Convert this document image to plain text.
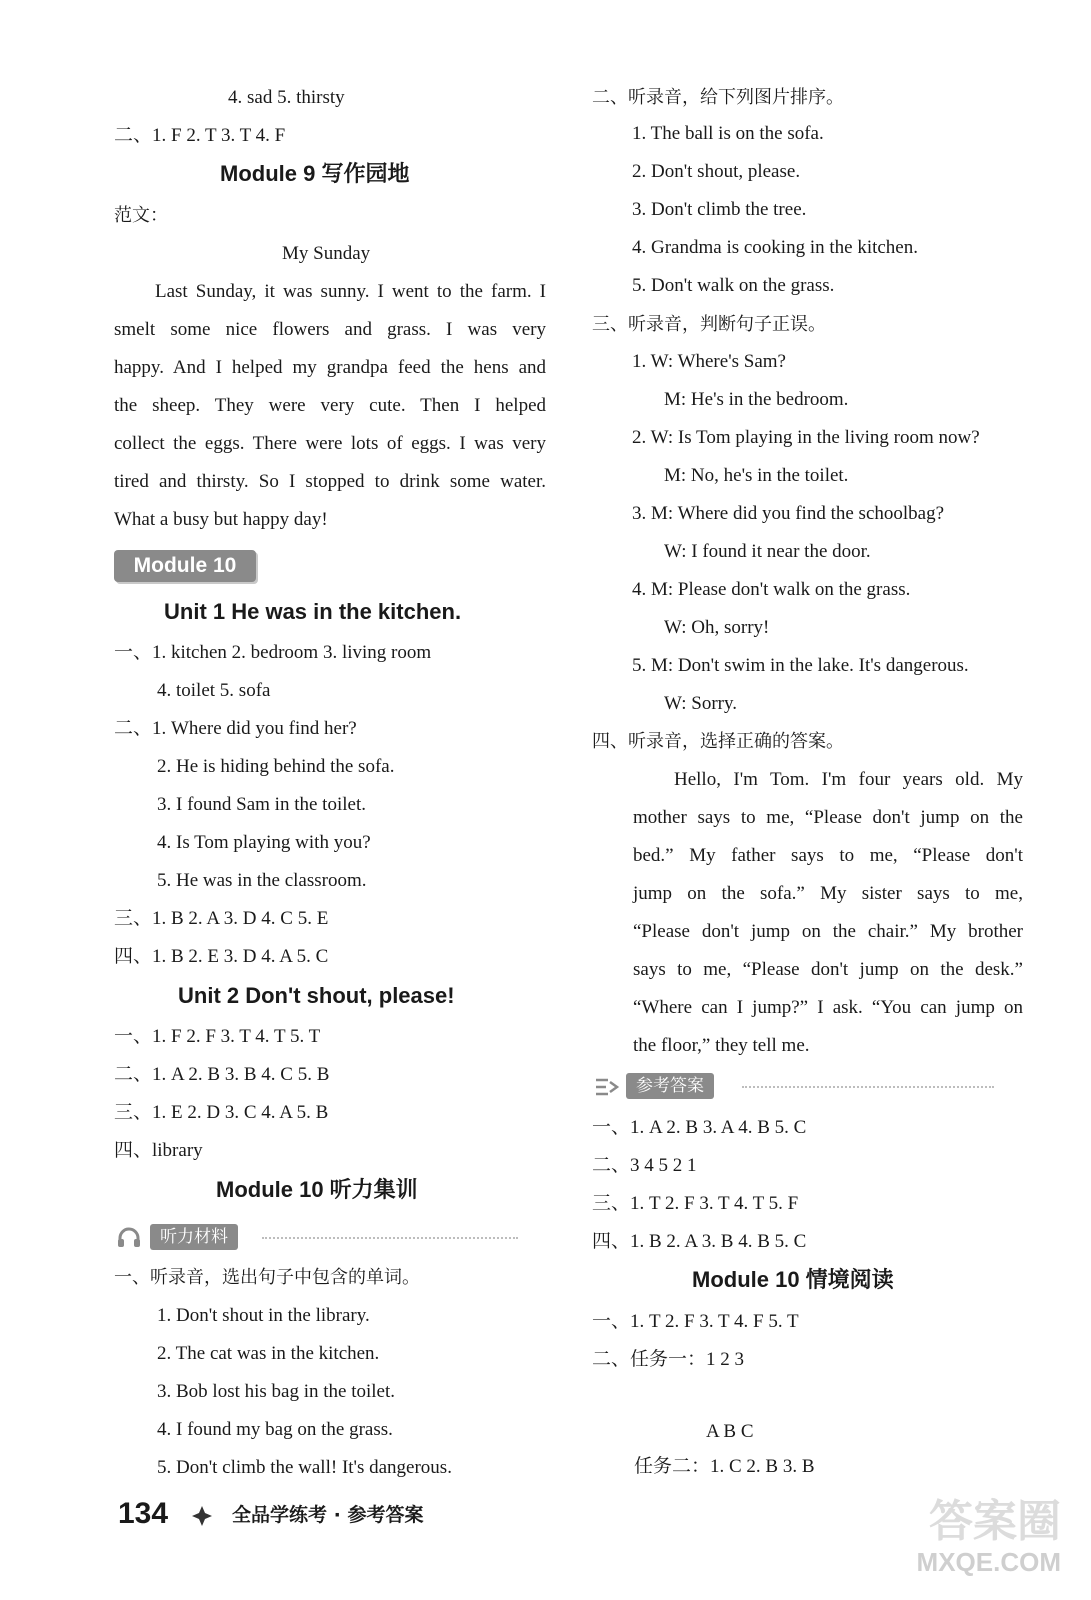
4. sad 5. thirsty
二、1. F 2. T 3. T 4. F
Module 9 写作园地
范文：
My Sunday
Last Sunday, it was sunny. I went to the farm. I
smelt some nice flowers and grass. I was very
happy. And I helped my grandpa feed the hens and
the sheep. They were very cute. Then I helped
collect the eggs. There were lots of eggs. I was very
tired and thirsty. So I stopped to drink some water.
What a busy but happy day!
Module 10
Unit 1 He was in the kitchen.
一、1. kitchen 2. bedroom 3. living room
4. toilet 5. sofa
二、1. Where did you find her?
2. He is hiding behind the sofa.
3. I found Sam in the toilet.
4. Is Tom playing with you?
5. He was in the classroom.
三、1. B 2. A 3. D 4. C 5. E
四、1. B 2. E 3. D 4. A 5. C
Unit 2 Don't shout, please!
一、1. F 2. F 3. T 4. T 5. T
二、1. A 2. B 3. B 4. C 5. B
三、1. E 2. D 3. C 4. A 5. B
四、library
Module 10 听力集训
听力材料
一、听录音，选出句子中包含的单词。
1. Don't shout in the library.
2. The cat was in the kitchen.
3. Bob lost his bag in the toilet.
4. I found my bag on the grass.
5. Don't climb the wall! It's dangerous.
二、听录音，给下列图片排序。
1. The ball is on the sofa.
2. Don't shout, please.
3. Don't climb the tree.
4. Grandma is cooking in the kitchen.
5. Don't walk on the grass.
三、听录音，判断句子正误。
1. W: Where's Sam?
M: He's in the bedroom.
2. W: Is Tom playing in the living room now?
M: No, he's in the toilet.
3. M: Where did you find the schoolbag?
W: I found it near the door.
4. M: Please don't walk on the grass.
W: Oh, sorry!
5. M: Don't swim in the lake. It's dangerous.
W: Sorry.
四、听录音，选择正确的答案。
Hello, I'm Tom. I'm four years old. My
mother says to me, “Please don't jump on the
bed.” My father says to me, “Please don't
jump on the sofa.” My sister says to me,
“Please don't jump on the chair.” My brother
says to me, “Please don't jump on the desk.”
“Where can I jump?” I ask. “You can jump on
the floor,” they tell me.
参考答案
一、1. A 2. B 3. A 4. B 5. C
二、3 4 5 2 1
三、1. T 2. F 3. T 4. T 5. F
四、1. B 2. A 3. B 4. B 5. C
Module 10 情境阅读
一、1. T 2. F 3. T 4. F 5. T
二、任务一：1 2 3
A B C
任务二：1. C 2. B 3. B
134	全品学练考 · 参考答案	答案圈
MXQE.COM
